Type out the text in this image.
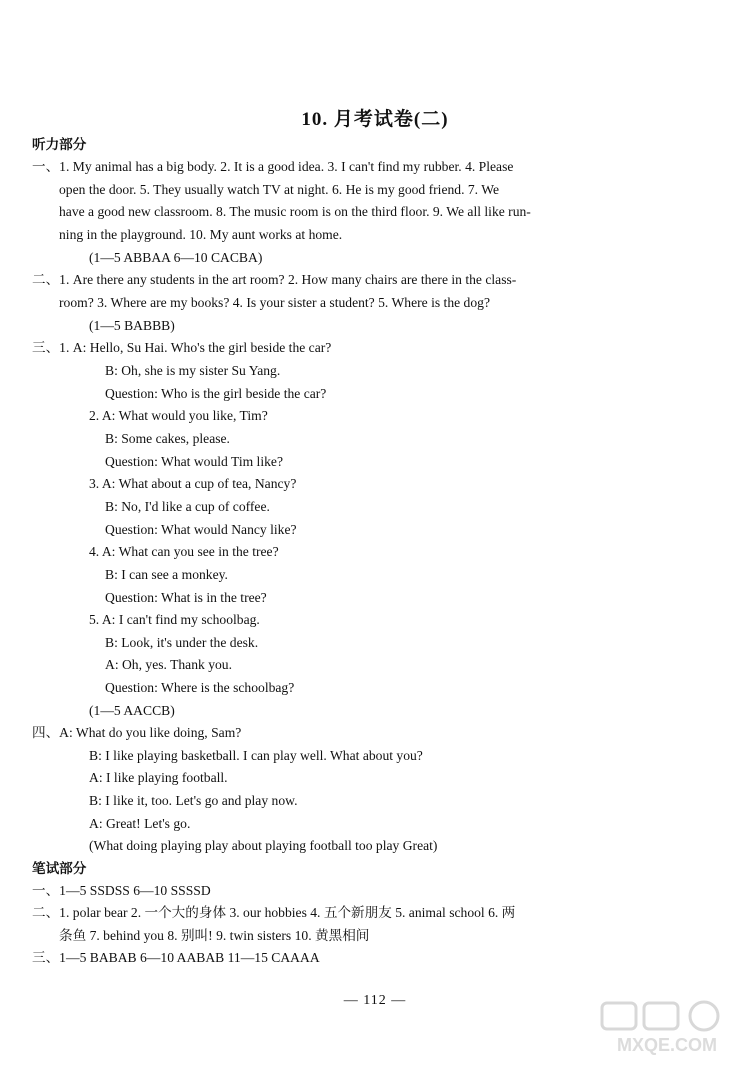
10. 月考试卷(二)
听力部分
一、1. My animal has a big body. 2. It is a good idea. 3. I can't find my rubber. 4. Please
open the door. 5. They usually watch TV at night. 6. He is my good friend. 7. We
have a good new classroom. 8. The music room is on the third floor. 9. We all like run-
ning in the playground. 10. My aunt works at home.
(1—5 ABBAA 6—10 CACBA)
二、1. Are there any students in the art room? 2. How many chairs are there in the class-
room? 3. Where are my books? 4. Is your sister a student? 5. Where is the dog?
(1—5 BABBB)
三、1. A: Hello, Su Hai. Who's the girl beside the car?
B: Oh, she is my sister Su Yang.
Question: Who is the girl beside the car?
2. A: What would you like, Tim?
B: Some cakes, please.
Question: What would Tim like?
3. A: What about a cup of tea, Nancy?
B: No, I'd like a cup of coffee.
Question: What would Nancy like?
4. A: What can you see in the tree?
B: I can see a monkey.
Question: What is in the tree?
5. A: I can't find my schoolbag.
B: Look, it's under the desk.
A: Oh, yes. Thank you.
Question: Where is the schoolbag?
(1—5 AACCB)
四、A: What do you like doing, Sam?
B: I like playing basketball. I can play well. What about you?
A: I like playing football.
B: I like it, too. Let's go and play now.
A: Great! Let's go.
(What doing playing play about playing football too play Great)
笔试部分
一、1—5 SSDSS 6—10 SSSSD
二、1. polar bear 2. 一个大的身体 3. our hobbies 4. 五个新朋友 5. animal school 6. 两
条鱼 7. behind you 8. 别叫! 9. twin sisters 10. 黄黑相间
三、1—5 BABAB 6—10 AABAB 11—15 CAAAA
— 112 —
MXQE.COM
